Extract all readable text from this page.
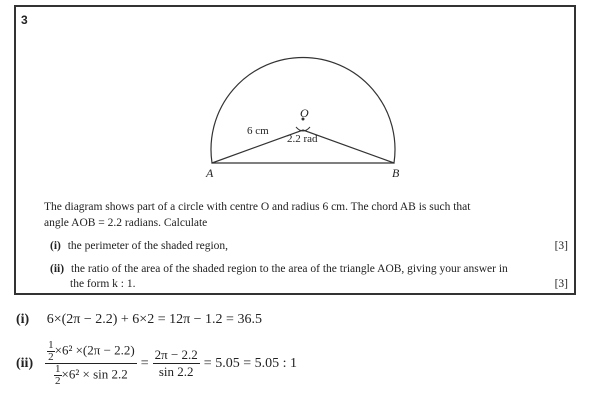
3
O
A	B
6 cm
2.2 rad
The diagram shows part of a circle with centre O and radius 6 cm. The chord AB is such that
angle AOB = 2.2 radians. Calculate
(i) the perimeter of the shaded region,	[3]
(ii) the ratio of the area of the shaded region to the area of the triangle AOB, giving your answer in
the form k : 1.	[3]
(i) 6×(2π − 2.2) + 6×2 = 12π − 1.2 = 36.5
$(ii) \frac{\frac{1}{2} \times 6^2 \times(2\pi - 2.2)}{\frac{1}{2} \times 6^2 \times \sin 2.2} = \frac{2\pi - 2.2}{\sin 2.2} = 5.05 = 5.05$ : 1
